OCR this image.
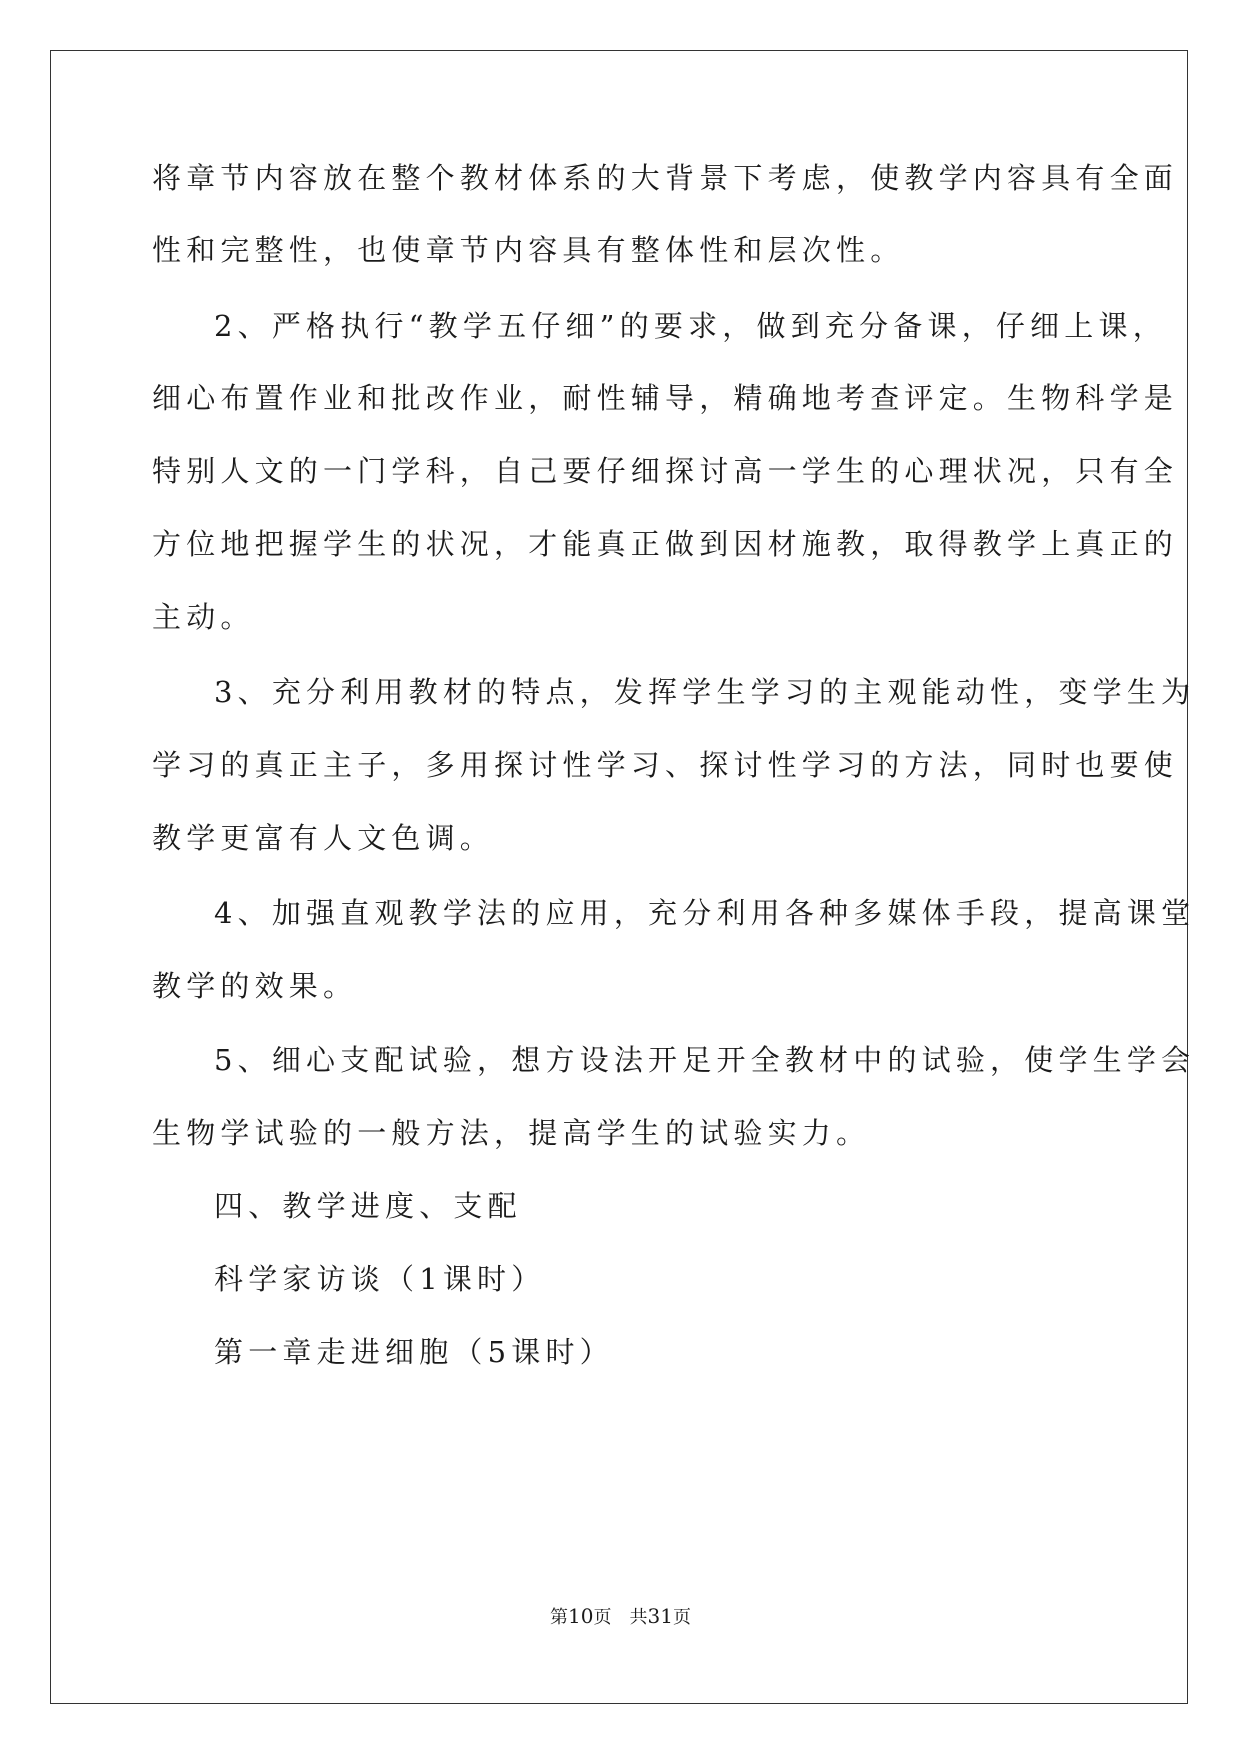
将章节内容放在整个教材体系的大背景下考虑，使教学内容具有全面
性和完整性，也使章节内容具有整体性和层次性。
2、严格执行“教学五仔细”的要求，做到充分备课，仔细上课，
细心布置作业和批改作业，耐性辅导，精确地考查评定。生物科学是
特别人文的一门学科，自己要仔细探讨高一学生的心理状况，只有全
方位地把握学生的状况，才能真正做到因材施教，取得教学上真正的
主动。
3、充分利用教材的特点，发挥学生学习的主观能动性，变学生为
学习的真正主子，多用探讨性学习、探讨性学习的方法，同时也要使
教学更富有人文色调。
4、加强直观教学法的应用，充分利用各种多媒体手段，提高课堂
教学的效果。
5、细心支配试验，想方设法开足开全教材中的试验，使学生学会
生物学试验的一般方法，提高学生的试验实力。
四、教学进度、支配
科学家访谈（1课时）
第一章走进细胞（5课时）
第10页　共31页
